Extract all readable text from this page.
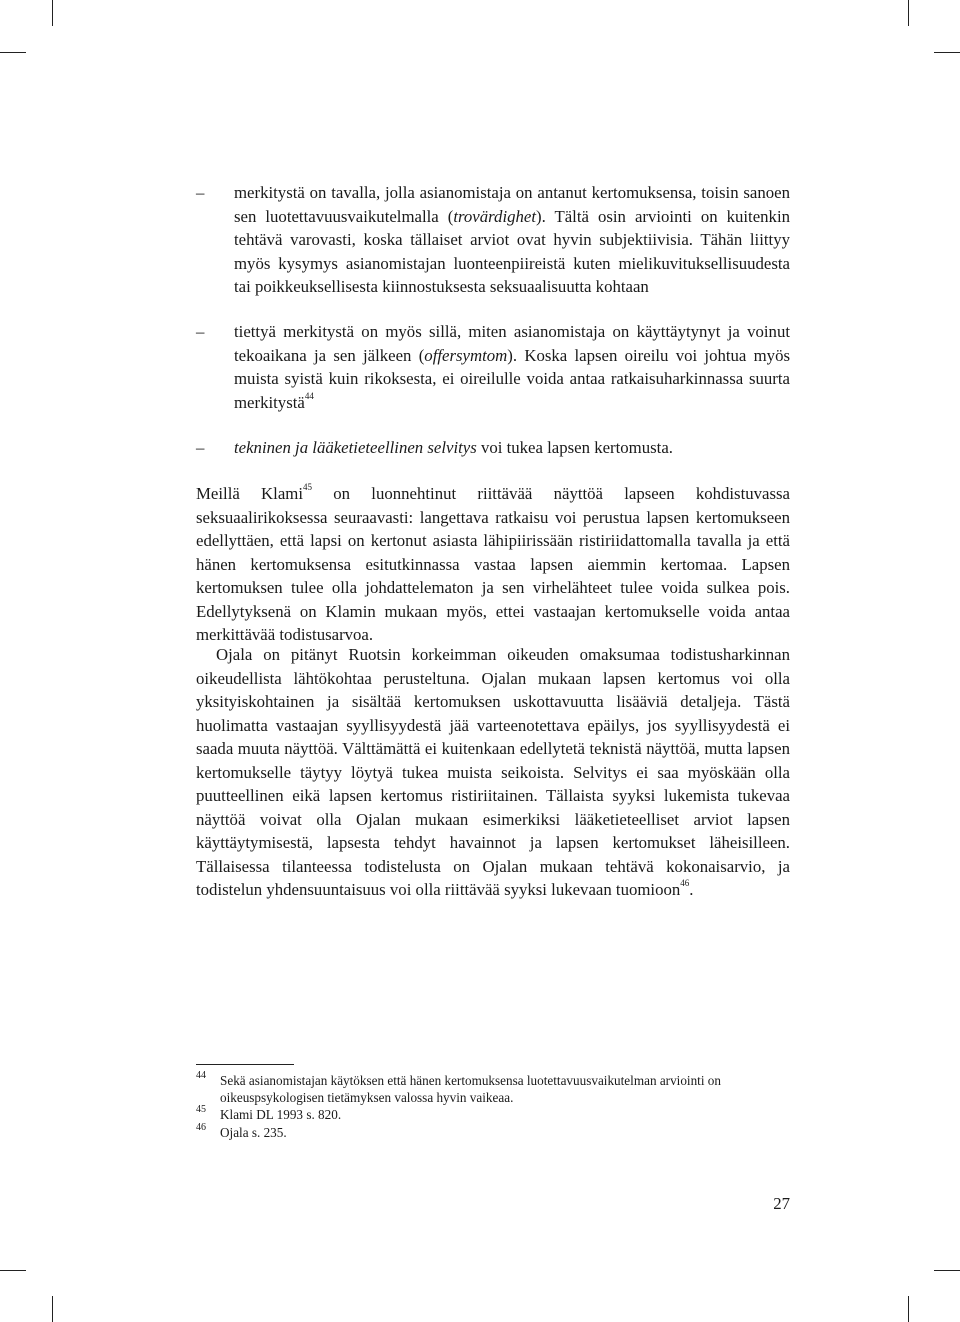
–	merkitystä on tavalla, jolla asianomistaja on antanut kertomuksensa, toisin sanoen sen luotettavuusvaikutelmalla (trovärdighet). Tältä osin arviointi on kuitenkin tehtävä varovasti, koska tällaiset arviot ovat hyvin subjektiivisia. Tähän liittyy myös kysymys asianomistajan luonteenpiireistä kuten mielikuvituksellisuudesta tai poikkeuksellisesta kiinnostuksesta seksuaalisuutta kohtaan
–	tiettyä merkitystä on myös sillä, miten asianomistaja on käyttäytynyt ja voinut tekoaikana ja sen jälkeen (offersymtom). Koska lapsen oireilu voi johtua myös muista syistä kuin rikoksesta, ei oireilulle voida antaa ratkaisuharkinnassa suurta merkitystä$^{44}$
–	tekninen ja lääketieteellinen selvitys voi tukea lapsen kertomusta.
Meillä Klami$^{45}$ on luonnehtinut riittävää näyttöä lapseen kohdistuvassa seksuaalirikoksessa seuraavasti: langettava ratkaisu voi perustua lapsen kertomukseen edellyttäen, että lapsi on kertonut asiasta lähipiirissään ristiriidattomalla tavalla ja että hänen kertomuksensa esitutkinnassa vastaa lapsen aiemmin kertomaa. Lapsen kertomuksen tulee olla johdattelematon ja sen virhelähteet tulee voida sulkea pois. Edellytyksenä on Klamin mukaan myös, ettei vastaajan kertomukselle voida antaa merkittävää todistusarvoa.
Ojala on pitänyt Ruotsin korkeimman oikeuden omaksumaa todistusharkinnan oikeudellista lähtökohtaa perusteltuna. Ojalan mukaan lapsen kertomus voi olla yksityiskohtainen ja sisältää kertomuksen uskottavuutta lisääviä detaljeja. Tästä huolimatta vastaajan syyllisyydestä jää varteenotettava epäilys, jos syyllisyydestä ei saada muuta näyttöä. Välttämättä ei kuitenkaan edellytetä teknistä näyttöä, mutta lapsen kertomukselle täytyy löytyä tukea muista seikoista. Selvitys ei saa myöskään olla puutteellinen eikä lapsen kertomus ristiriitainen. Tällaista syyksi lukemista tukevaa näyttöä voivat olla Ojalan mukaan esimerkiksi lääketieteelliset arviot lapsen käyttäytymisestä, lapsesta tehdyt havainnot ja lapsen kertomukset läheisilleen. Tällaisessa tilanteessa todistelusta on Ojalan mukaan tehtävä kokonaisarvio, ja todistelun yhdensuuntaisuus voi olla riittävää syyksi lukevaan tuomioon$^{46}$.
44 Sekä asianomistajan käytöksen että hänen kertomuksensa luotettavuusvaikutelman arviointi on oikeuspsykologisen tietämyksen valossa hyvin vaikeaa.
45 Klami DL 1993 s. 820.
46 Ojala s. 235.
27
